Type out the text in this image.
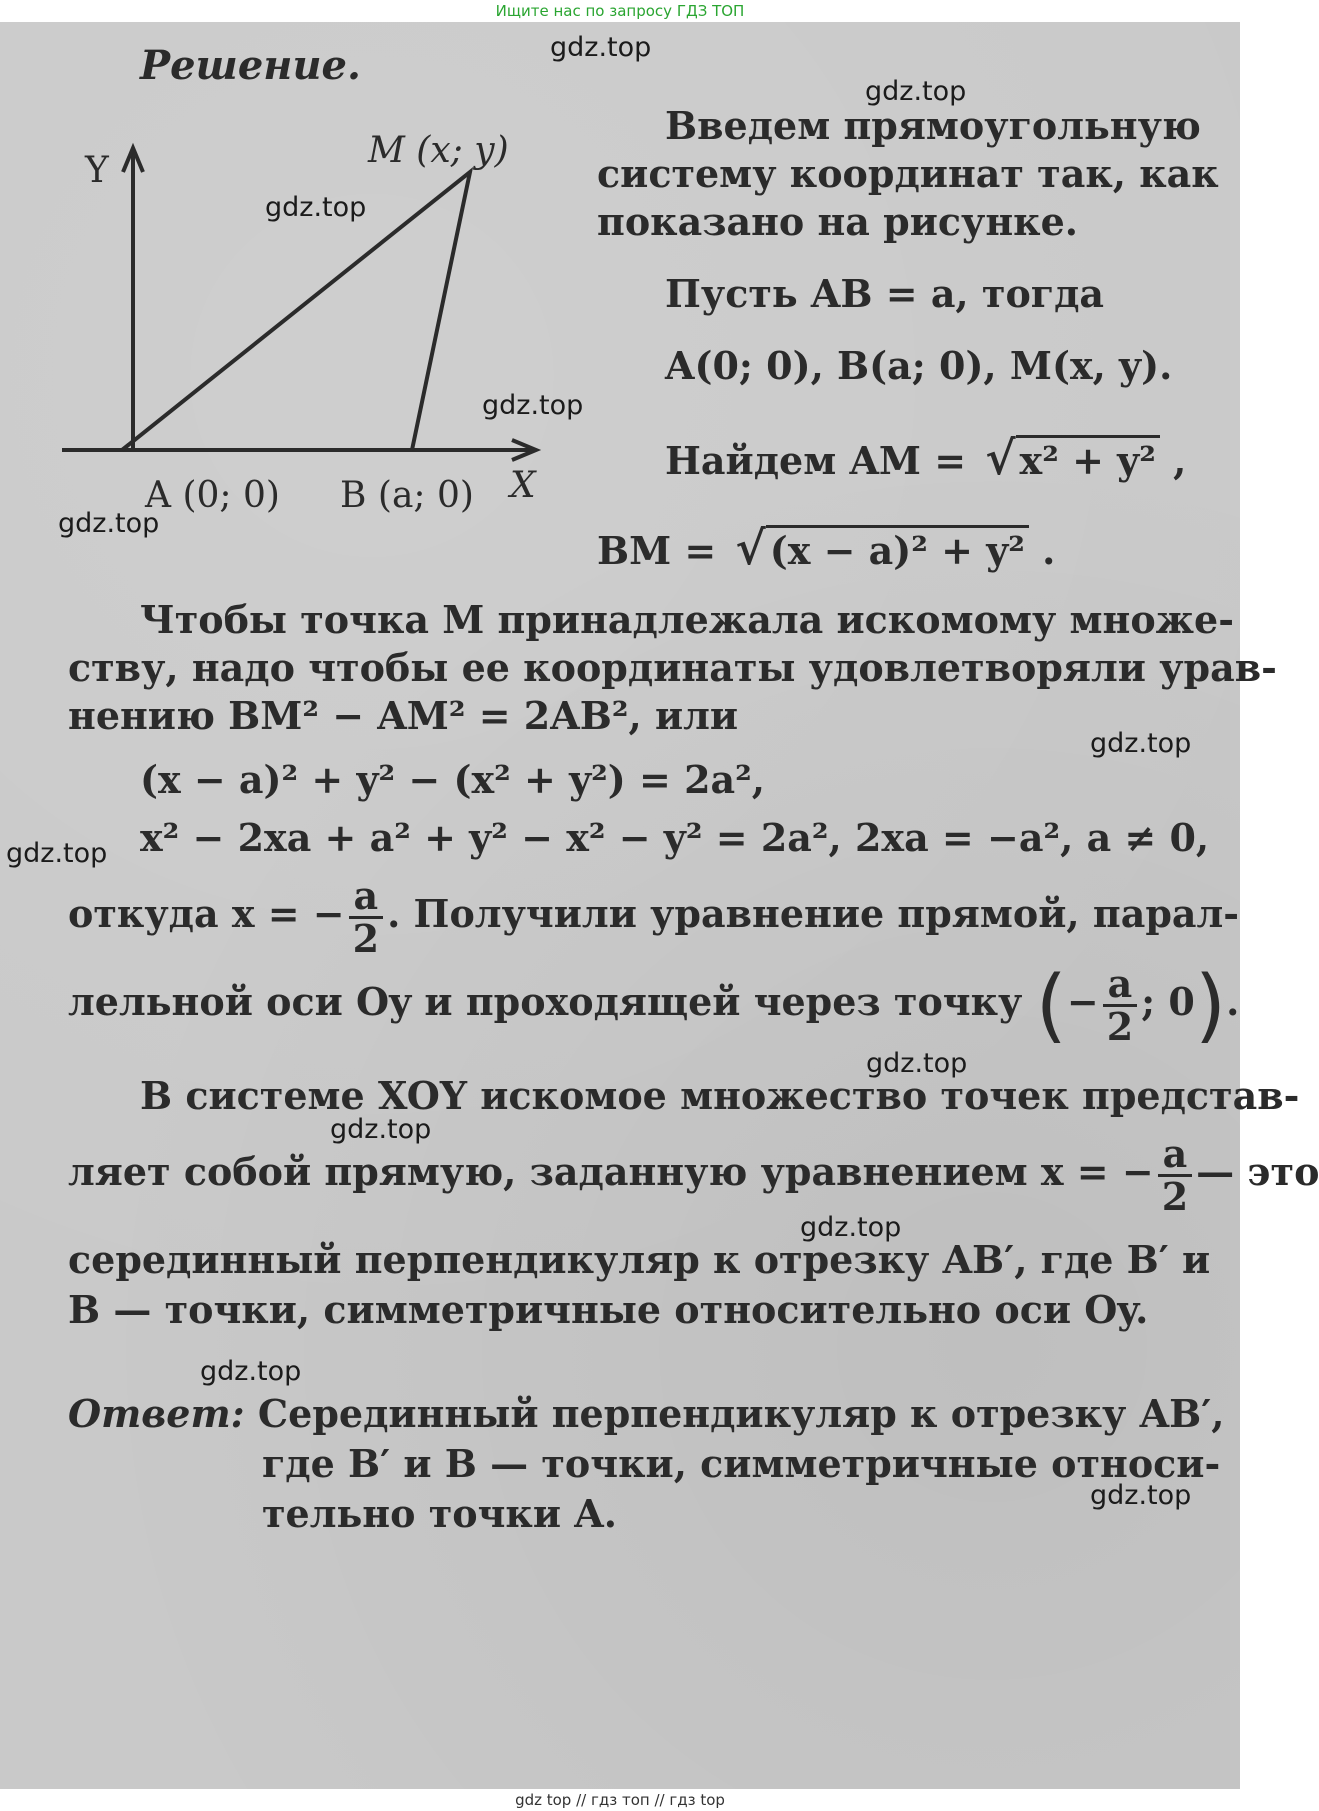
Ищите нас по запросу ГДЗ ТОП
Решение.
Y
X
M (x; y)
A (0; 0) B (a; 0)
Введем прямоугольную
систему координат так, как
показано на рисунке.
Пусть AB = a, тогда
A(0; 0), B(a; 0), M(x, y).
Найдем AM = √ x² + y² ,
BM = √ (x − a)² + y² .
Чтобы точка M принадлежала искомому множе-
ству, надо чтобы ее координаты удовлетворяли урав-
нению BM² − AM² = 2AB², или
(x − a)² + y² − (x² + y²) = 2a²,
x² − 2xa + a² + y² − x² − y² = 2a², 2xa = −a², a ≠ 0,
откуда x = − $\frac{a}{2}$ . Получили уравнение прямой, парал-
лельной оси Oy и проходящей через точку (− $\frac{a}{2}$ ; 0).
В системе XOY искомое множество точек представ-
ляет собой прямую, заданную уравнением x = − $\frac{a}{2}$ — это
серединный перпендикуляр к отрезку AB′, где B′ и
B — точки, симметричные относительно оси Oy.
Ответ: Серединный перпендикуляр к отрезку AB′,
где B′ и B — точки, симметричные относи-
тельно точки A.
gdz.top
gdz.top
gdz.top
gdz.top
gdz.top
gdz.top
gdz.top
gdz.top
gdz.top
gdz.top
gdz.top
gdz.top
gdz top // гдз топ // гдз top
